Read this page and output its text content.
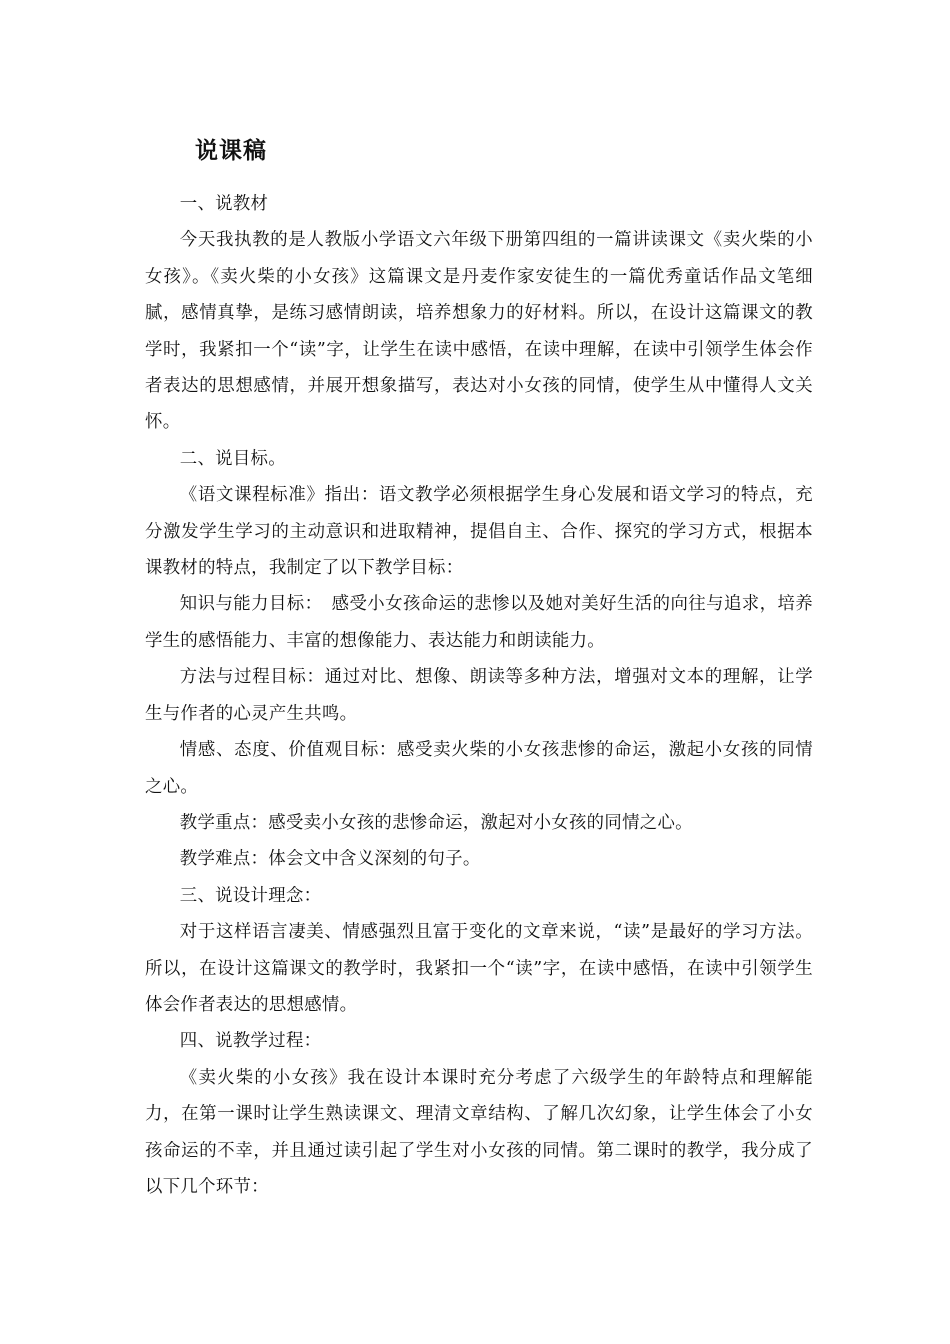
说课稿

一、说教材

今天我执教的是人教版小学语文六年级下册第四组的一篇讲读课文《卖火柴的小女孩》。《卖火柴的小女孩》这篇课文是丹麦作家安徒生的一篇优秀童话作品文笔细腻，感情真挚，是练习感情朗读，培养想象力的好材料。所以，在设计这篇课文的教学时，我紧扣一个“读”字，让学生在读中感悟，在读中理解，在读中引领学生体会作者表达的思想感情，并展开想象描写，表达对小女孩的同情，使学生从中懂得人文关怀。

二、说目标。

《语文课程标准》指出：语文教学必须根据学生身心发展和语文学习的特点，充分激发学生学习的主动意识和进取精神，提倡自主、合作、探究的学习方式，根据本课教材的特点，我制定了以下教学目标：

知识与能力目标：　感受小女孩命运的悲惨以及她对美好生活的向往与追求，培养学生的感悟能力、丰富的想像能力、表达能力和朗读能力。

方法与过程目标：通过对比、想像、朗读等多种方法，增强对文本的理解，让学生与作者的心灵产生共鸣。

情感、态度、价值观目标：感受卖火柴的小女孩悲惨的命运，激起小女孩的同情之心。

教学重点：感受卖小女孩的悲惨命运，激起对小女孩的同情之心。

教学难点：体会文中含义深刻的句子。

三、说设计理念：

对于这样语言凄美、情感强烈且富于变化的文章来说，“读”是最好的学习方法。所以，在设计这篇课文的教学时，我紧扣一个“读”字，在读中感悟，在读中引领学生体会作者表达的思想感情。

四、说教学过程：

《卖火柴的小女孩》我在设计本课时充分考虑了六级学生的年龄特点和理解能力，在第一课时让学生熟读课文、理清文章结构、了解几次幻象，让学生体会了小女孩命运的不幸，并且通过读引起了学生对小女孩的同情。第二课时的教学，我分成了以下几个环节：
